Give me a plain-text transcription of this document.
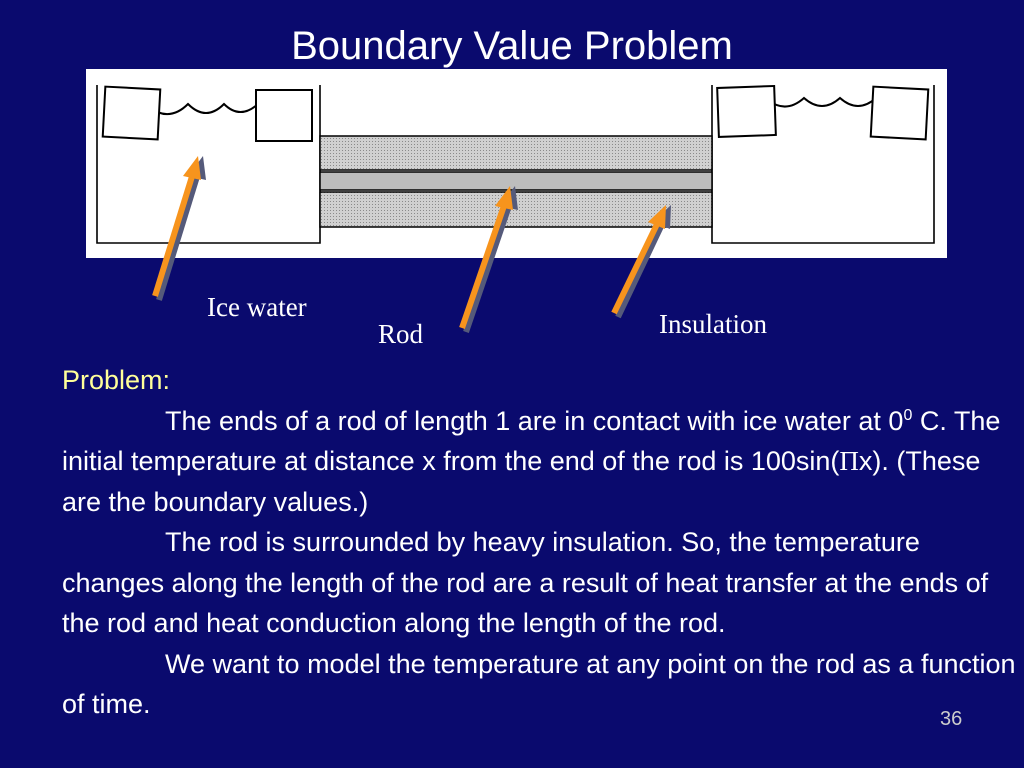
Boundary Value Problem
Ice water
Rod	Insulation

Problem:

The ends of a rod of length 1 are in contact with ice water at $0^0$ C. The initial temperature at distance x from the end of the rod is 100sin(Πx). (These are the boundary values.)

The rod is surrounded by heavy insulation. So, the temperature changes along the length of the rod are a result of heat transfer at the ends of the rod and heat conduction along the length of the rod.

We want to model the temperature at any point on the rod as a function of time.	36
